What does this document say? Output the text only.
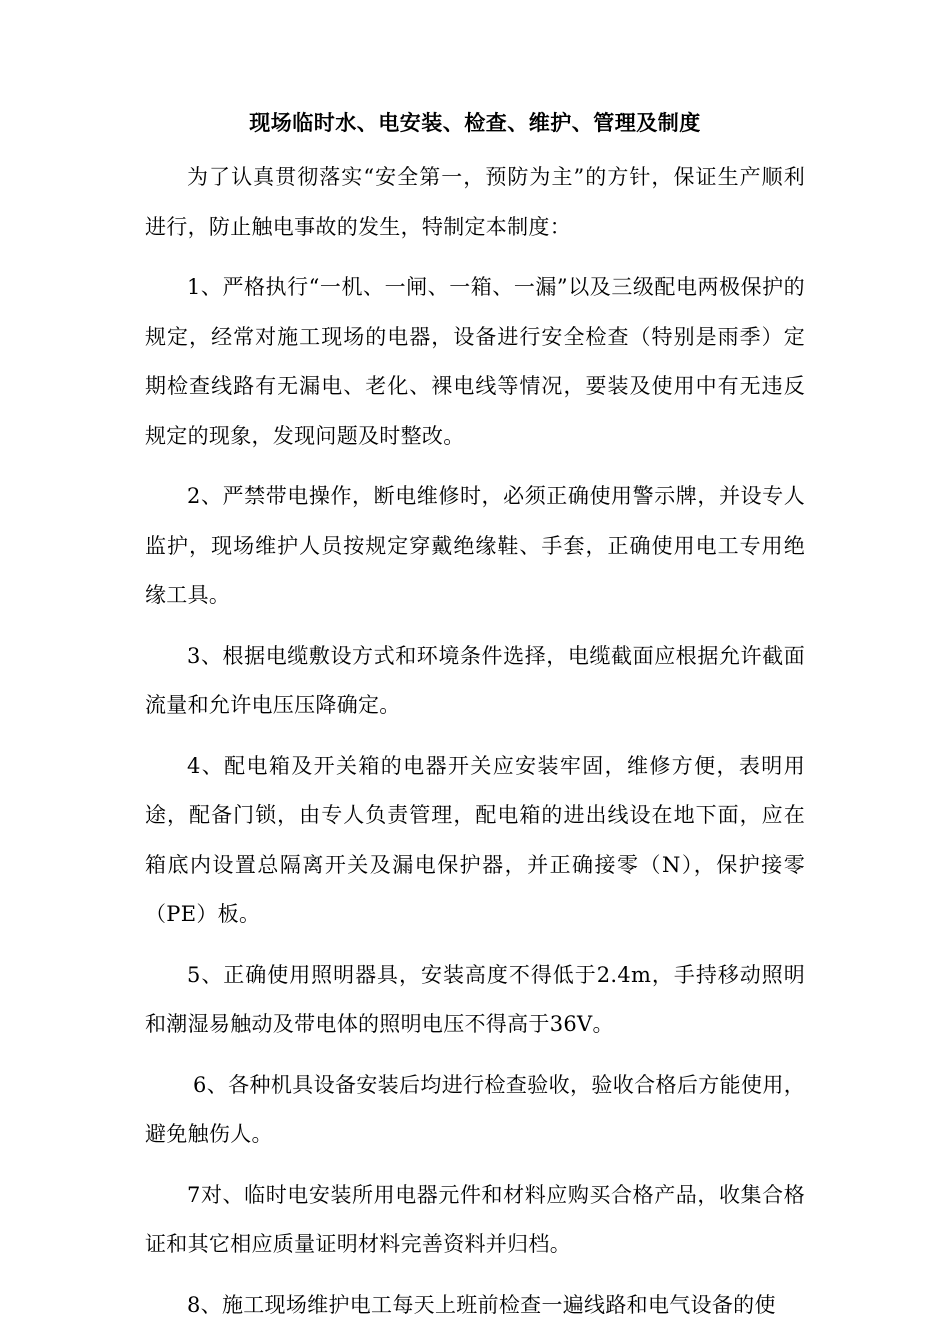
现场临时水、电安装、检查、维护、管理及制度

为了认真贯彻落实“安全第一，预防为主”的方针，保证生产顺利进行，防止触电事故的发生，特制定本制度：

1、严格执行“一机、一闸、一箱、一漏”以及三级配电两极保护的规定，经常对施工现场的电器，设备进行安全检查（特别是雨季）定期检查线路有无漏电、老化、裸电线等情况，要装及使用中有无违反规定的现象，发现问题及时整改。

2、严禁带电操作，断电维修时，必须正确使用警示牌，并设专人监护，现场维护人员按规定穿戴绝缘鞋、手套，正确使用电工专用绝缘工具。

3、根据电缆敷设方式和环境条件选择，电缆截面应根据允许截面流量和允许电压压降确定。

4、配电箱及开关箱的电器开关应安装牢固，维修方便，表明用途，配备门锁，由专人负责管理，配电箱的进出线设在地下面，应在箱底内设置总隔离开关及漏电保护器，并正确接零（N），保护接零（PE）板。

5、正确使用照明器具，安装高度不得低于2.4m，手持移动照明和潮湿易触动及带电体的照明电压不得高于36V。

6、各种机具设备安装后均进行检查验收，验收合格后方能使用，避免触伤人。

7对、临时电安装所用电器元件和材料应购买合格产品，收集合格证和其它相应质量证明材料完善资料并归档。

8、施工现场维护电工每天上班前检查一遍线路和电气设备的使
